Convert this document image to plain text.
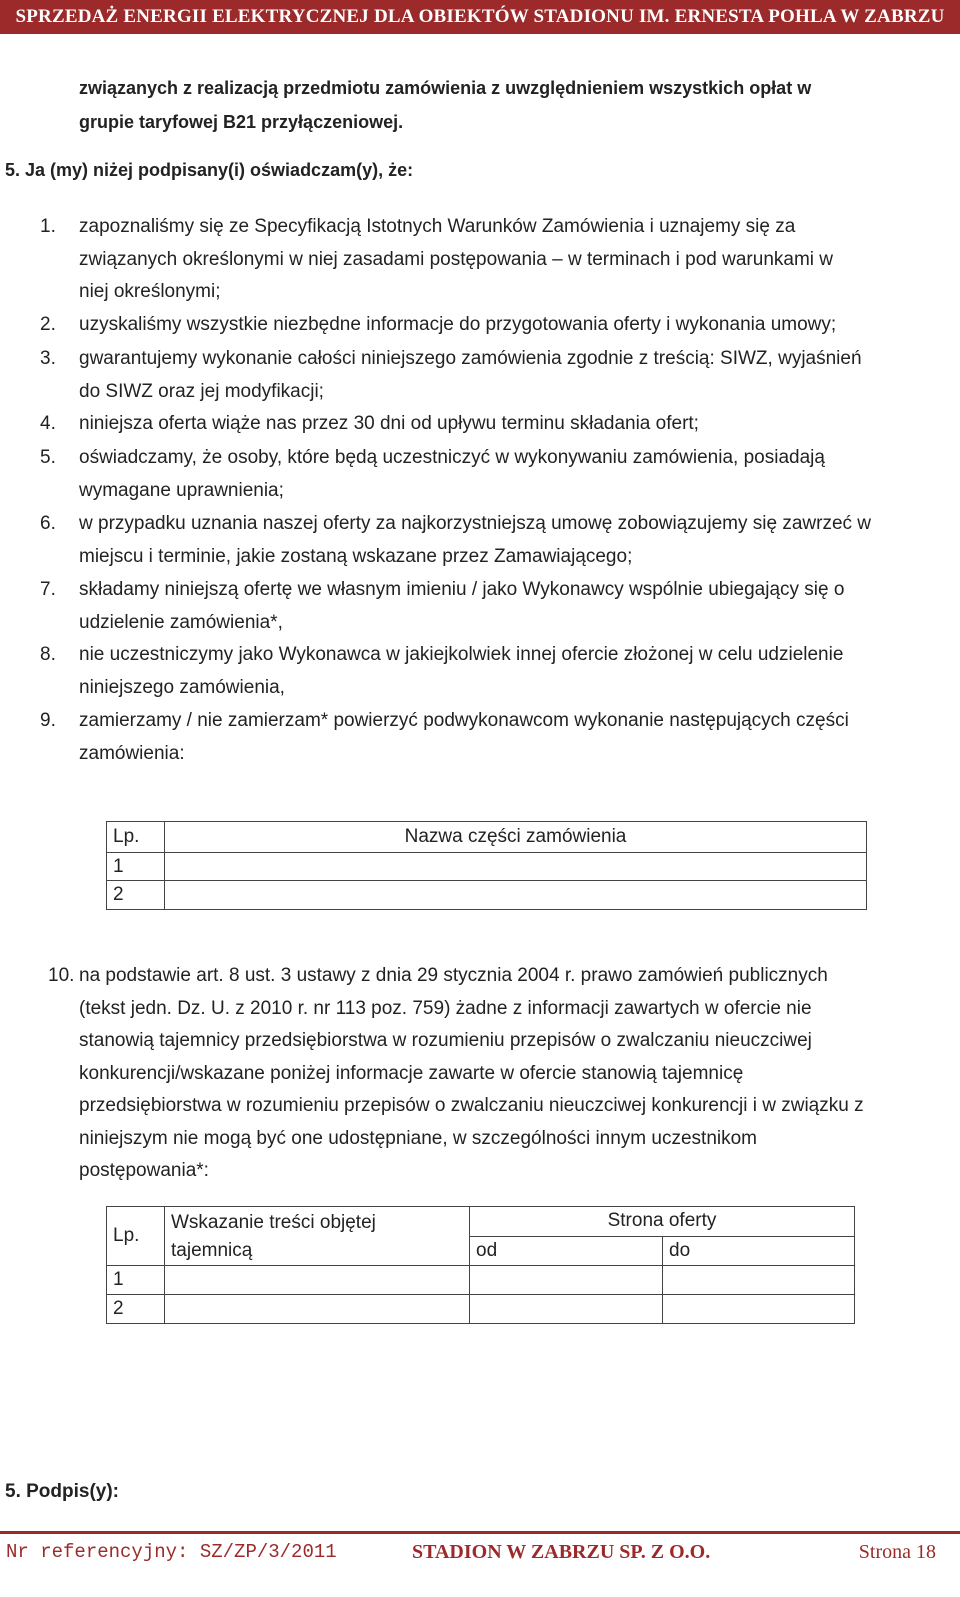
SPRZEDAŻ ENERGII ELEKTRYCZNEJ DLA OBIEKTÓW STADIONU IM. ERNESTA POHLA W ZABRZU
związanych z realizacją przedmiotu zamówienia z uwzględnieniem wszystkich opłat w
grupie taryfowej B21 przyłączeniowej.
5. Ja (my) niżej podpisany(i) oświadczam(y), że:
1.	zapoznaliśmy się ze Specyfikacją Istotnych Warunków Zamówienia i uznajemy się za
związanych określonymi w niej zasadami postępowania – w terminach i pod warunkami w
niej określonymi;
2.	uzyskaliśmy wszystkie niezbędne informacje do przygotowania oferty i wykonania umowy;
3.	gwarantujemy wykonanie całości niniejszego zamówienia zgodnie z treścią: SIWZ, wyjaśnień
do SIWZ oraz jej modyfikacji;
4.	niniejsza oferta wiąże nas przez 30 dni od upływu terminu składania ofert;
5.	oświadczamy, że osoby, które będą uczestniczyć w wykonywaniu zamówienia, posiadają
wymagane uprawnienia;
6.	w przypadku uznania naszej oferty za najkorzystniejszą umowę zobowiązujemy się zawrzeć w
miejscu i terminie, jakie zostaną wskazane przez Zamawiającego;
7.	składamy niniejszą ofertę we własnym imieniu / jako Wykonawcy wspólnie ubiegający się o
udzielenie zamówienia*,
8.	nie uczestniczymy jako Wykonawca w jakiejkolwiek innej ofercie złożonej w celu udzielenie
niniejszego zamówienia,
9.	zamierzamy / nie zamierzam* powierzyć podwykonawcom wykonanie następujących części
zamówienia:
Lp.	Nazwa części zamówienia
1	
2	
10. na podstawie art. 8 ust. 3 ustawy z dnia 29 stycznia 2004 r. prawo zamówień publicznych
(tekst jedn. Dz. U. z 2010 r. nr 113 poz. 759) żadne z informacji zawartych w ofercie nie
stanowią tajemnicy przedsiębiorstwa w rozumieniu przepisów o zwalczaniu nieuczciwej
konkurencji/wskazane poniżej informacje zawarte w ofercie stanowią tajemnicę
przedsiębiorstwa w rozumieniu przepisów o zwalczaniu nieuczciwej konkurencji i w związku z
niniejszym nie mogą być one udostępniane, w szczególności innym uczestnikom
postępowania*:
Lp.	Wskazanie treści objętej
tajemnicą	Strona oferty	
		od	do
1			
2			
5. Podpis(y):
Nr referencyjny: SZ/ZP/3/2011	STADION W ZABRZU SP. Z O.O.	Strona 18
